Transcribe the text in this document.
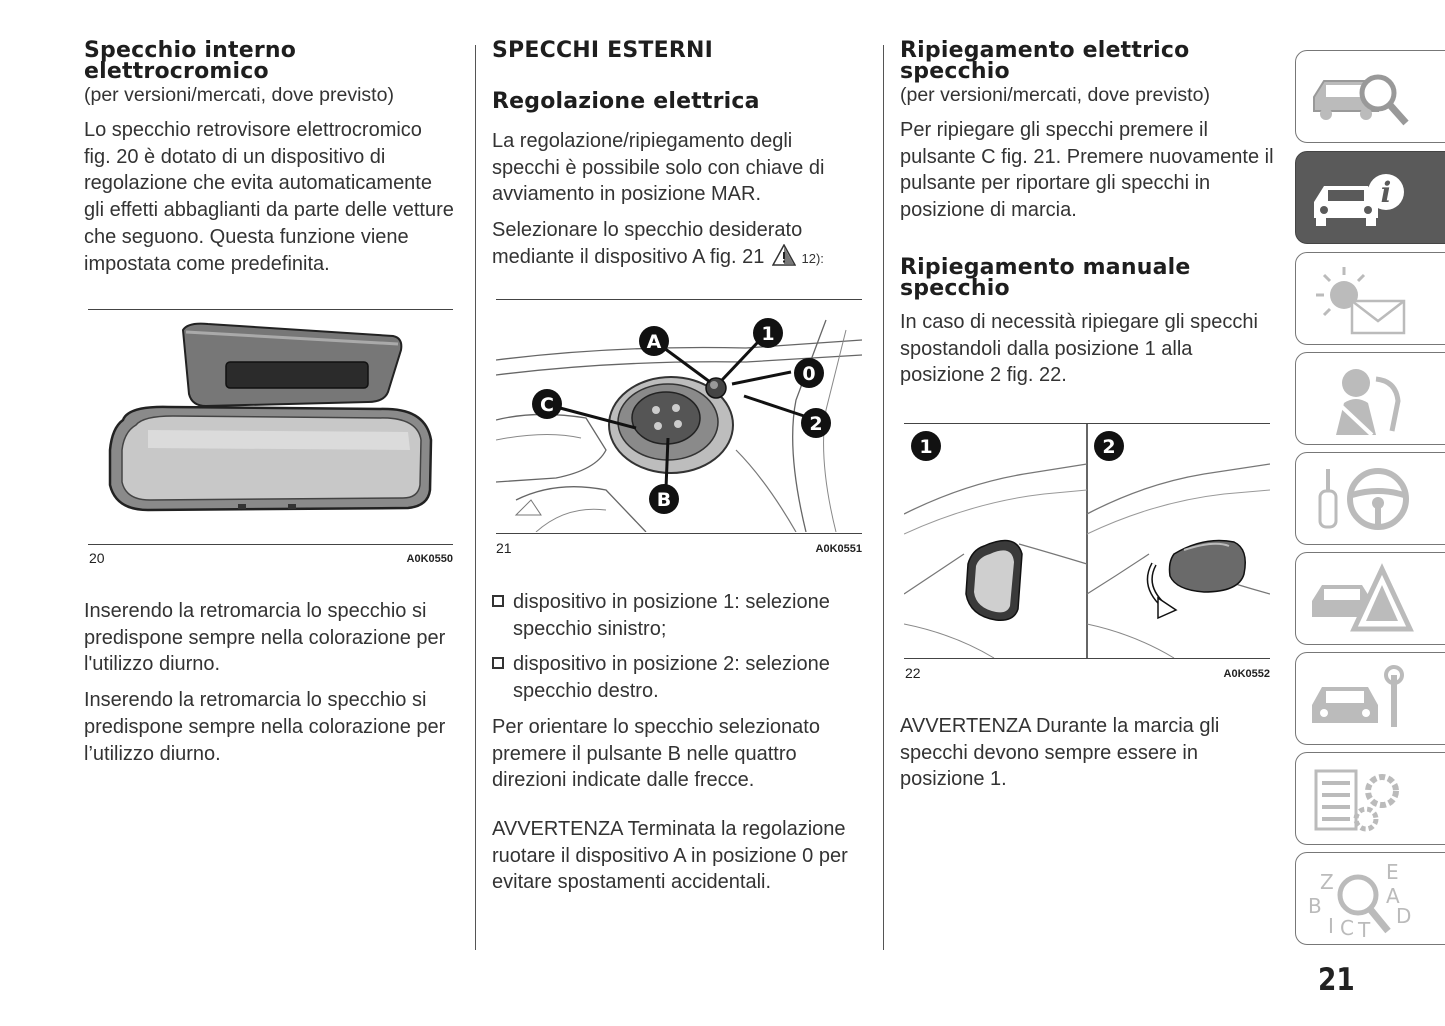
Specchio interno elettrocromico
(per versioni/mercati, dove previsto)

Lo specchio retrovisore elettrocromico fig. 20 è dotato di un dispositivo di regolazione che evita automaticamente gli effetti abbaglianti da parte delle vetture che seguono. Questa funzione viene impostata come predefinita.

20	A0K0550

Inserendo la retromarcia lo specchio si predispone sempre nella colorazione per l'utilizzo diurno.

Inserendo la retromarcia lo specchio si predispone sempre nella colorazione per l’utilizzo diurno.

SPECCHI ESTERNI
Regolazione elettrica

La regolazione/ripiegamento degli specchi è possibile solo con chiave di avviamento in posizione MAR.

Selezionare lo specchio desiderato mediante il dispositivo A fig. 21	12):

A	1
0
C
2
B
21	A0K0551
dispositivo in posizione 1: selezione specchio sinistro;
dispositivo in posizione 2: selezione specchio destro.

Per orientare lo specchio selezionato premere il pulsante B nelle quattro direzioni indicate dalle frecce.

AVVERTENZA Terminata la regolazione ruotare il dispositivo A in posizione 0 per evitare spostamenti accidentali.

Ripiegamento elettrico specchio
(per versioni/mercati, dove previsto)

Per ripiegare gli specchi premere il pulsante C fig. 21. Premere nuovamente il pulsante per riportare gli specchi in posizione di marcia.

Ripiegamento manuale specchio

In caso di necessità ripiegare gli specchi spostandoli dalla posizione 1 alla posizione 2 fig. 22.

1	2
22	A0K0552

AVVERTENZA Durante la marcia gli specchi devono sempre essere in posizione 1.

i
Z	E
A
B	D
I C T
21
